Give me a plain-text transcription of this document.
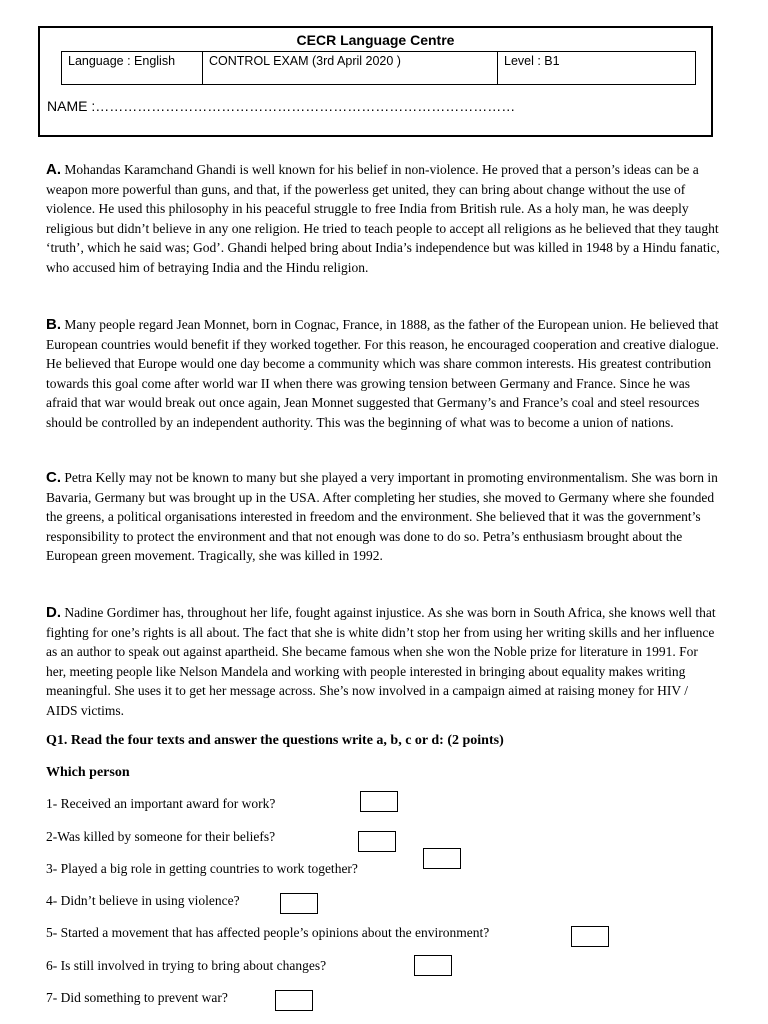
CECR Language Centre
Language : English	CONTROL EXAM (3rd April 2020 )	Level : B1
NAME :………………………………………………………………………………

A. Mohandas Karamchand Ghandi is well known for his belief in non-violence. He proved that a person’s ideas can be a weapon more powerful than guns, and that, if the powerless get united, they can bring about change without the use of violence. He used this philosophy in his peaceful struggle to free India from British rule. As a holy man, he was deeply religious but didn’t believe in any one religion. He tried to teach people to accept all religions as he believed that they taught ‘truth’, which he said was; God’. Ghandi helped bring about India’s independence but was killed in 1948 by a Hindu fanatic, who accused him of betraying India and the Hindu religion.

B. Many people regard Jean Monnet, born in Cognac, France, in 1888, as the father of the European union. He believed that European countries would benefit if they worked together. For this reason, he encouraged cooperation and creative dialogue. He believed that Europe would one day become a community which was share common interests. His greatest contribution towards this goal come after world war II when there was growing tension between Germany and France. Since he was afraid that war would break out once again, Jean Monnet suggested that Germany’s and France’s coal and steel resources should be controlled by an independent authority. This was the beginning of what was to become a union of nations.

C. Petra Kelly may not be known to many but she played a very important in promoting environmentalism. She was born in Bavaria, Germany but was brought up in the USA. After completing her studies, she moved to Germany where she founded the greens, a political organisations interested in freedom and the environment. She believed that it was the government’s responsibility to protect the environment and that not enough was done to do so. Petra’s enthusiasm brought about the European green movement. Tragically, she was killed in 1992.

D. Nadine Gordimer has, throughout her life, fought against injustice. As she was born in South Africa, she knows well that fighting for one’s rights is all about. The fact that she is white didn’t stop her from using her writing skills and her influence as an author to speak out against apartheid. She became famous when she won the Noble prize for literature in 1991. For her, meeting people like Nelson Mandela and working with people interested in bringing about equality makes writing meaningful. She uses it to get her message across. She’s now involved in a campaign aimed at raising money for HIV / AIDS victims.

Q1. Read the four texts and answer the questions write a, b, c or d: (2 points)

Which person

1- Received an important award for work?
2-Was killed by someone for their beliefs?
3- Played a big role in getting countries to work together?
4- Didn’t believe in using violence?
5- Started a movement that has affected people’s opinions about the environment?
6- Is still involved in trying to bring about changes?
7- Did something to prevent war?
